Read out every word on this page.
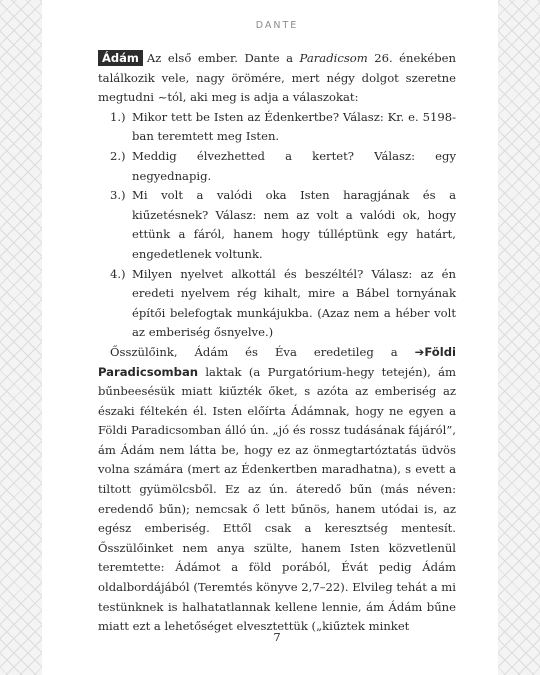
DANTE

Ádám Az első ember. Dante a Paradicsom 26. énekében találkozik vele, nagy örömére, mert négy dolgot szeretne megtudni ~tól, aki meg is adja a válaszokat:

1.) Mikor tett be Isten az Édenkertbe? Válasz: Kr. e. 5198-ban teremtett meg Isten.
2.) Meddig élvezhetted a kertet? Válasz: egy negyednapig.
3.) Mi volt a valódi oka Isten haragjának és a kiűzetésnek? Válasz: nem az volt a valódi ok, hogy ettünk a fáról, hanem hogy túlléptünk egy határt, engedetlenek voltunk.
4.) Milyen nyelvet alkottál és beszéltél? Válasz: az én eredeti nyelvem rég kihalt, mire a Bábel tornyának építői belefogtak munkájukba. (Azaz nem a héber volt az emberiség ősnyelve.)

Ősszülőink, Ádám és Éva eredetileg a ➔Földi Paradicsomban laktak (a Purgatórium-hegy tetején), ám bűnbeesésük miatt kiűzték őket, s azóta az emberiség az északi féltekén él. Isten előírta Ádámnak, hogy ne egyen a Földi Paradicsomban álló ún. „jó és rossz tudásának fájáról”, ám Ádám nem látta be, hogy ez az önmegtartóztatás üdvös volna számára (mert az Édenkertben maradhatna), s evett a tiltott gyümölcsből. Ez az ún. áteredő bűn (más néven: eredendő bűn); nemcsak ő lett bűnös, hanem utódai is, az egész emberiség. Ettől csak a keresztség mentesít. Ősszülőinket nem anya szülte, hanem Isten közvetlenül teremtette: Ádámot a föld porából, Évát pedig Ádám oldalbordájából (Teremtés könyve 2,7–22). Elvileg tehát a mi testünknek is halhatatlannak kellene lennie, ám Ádám bűne miatt ezt a lehetőséget elvesztettük („kiűztek minket

7
